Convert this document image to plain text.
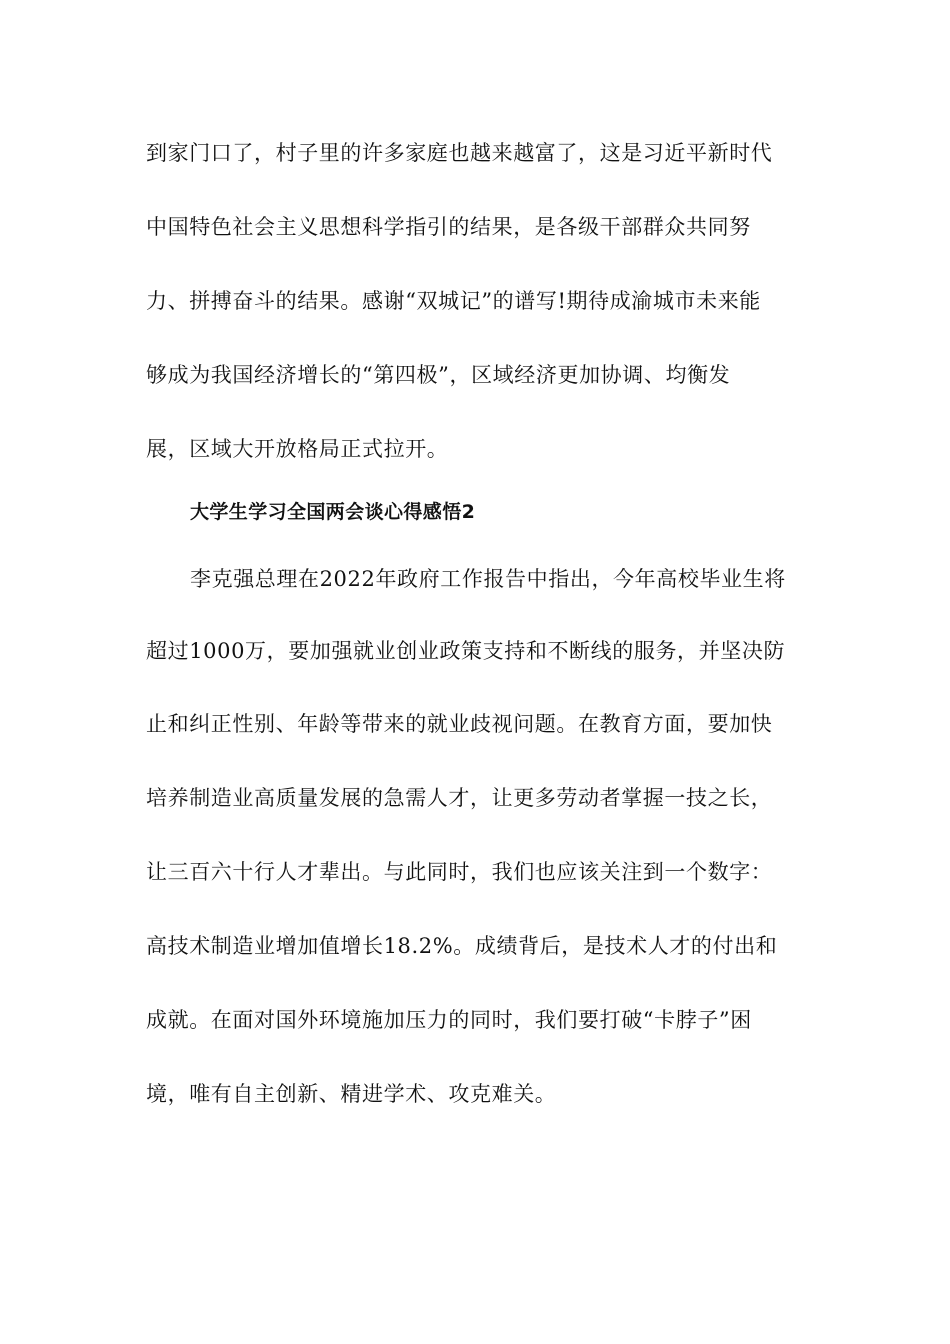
到家门口了，村子里的许多家庭也越来越富了，这是习近平新时代
中国特色社会主义思想科学指引的结果，是各级干部群众共同努
力、拼搏奋斗的结果。感谢“双城记”的谱写!期待成渝城市未来能
够成为我国经济增长的“第四极”，区域经济更加协调、均衡发
展，区域大开放格局正式拉开。
大学生学习全国两会谈心得感悟2
李克强总理在2022年政府工作报告中指出，今年高校毕业生将
超过1000万，要加强就业创业政策支持和不断线的服务，并坚决防
止和纠正性别、年龄等带来的就业歧视问题。在教育方面，要加快
培养制造业高质量发展的急需人才，让更多劳动者掌握一技之长，
让三百六十行人才辈出。与此同时，我们也应该关注到一个数字：
高技术制造业增加值增长18.2%。成绩背后，是技术人才的付出和
成就。在面对国外环境施加压力的同时，我们要打破“卡脖子”困
境，唯有自主创新、精进学术、攻克难关。
